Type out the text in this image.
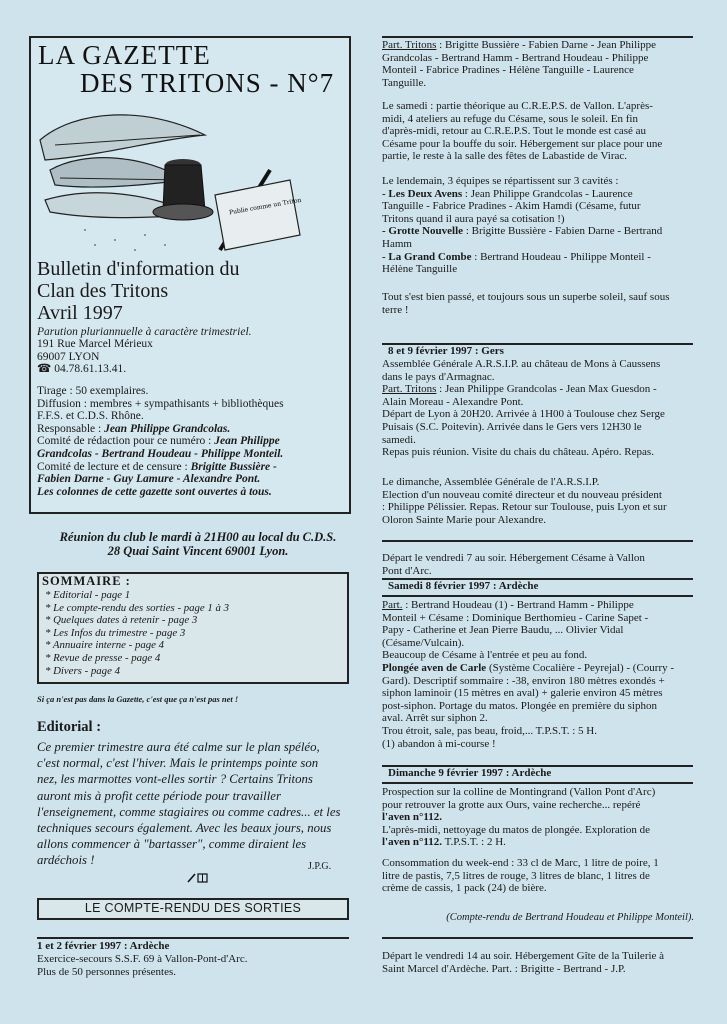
LA GAZETTE
DES TRITONS - N°7
Publie comme un Triton
Bulletin d'information du
Clan des Tritons
Avril 1997
Parution pluriannuelle à caractère trimestriel.
191 Rue Marcel Mérieux
69007 LYON
☎ 04.78.61.13.41.
Tirage : 50 exemplaires.
Diffusion : membres + sympathisants + bibliothèques
F.F.S. et C.D.S. Rhône.
Responsable : Jean Philippe Grandcolas.
Comité de rédaction pour ce numéro : Jean Philippe
Grandcolas - Bertrand Houdeau - Philippe Monteil.
Comité de lecture et de censure : Brigitte Bussière -
Fabien Darne - Guy Lamure - Alexandre Pont.
Les colonnes de cette gazette sont ouvertes à tous.
Réunion du club le mardi à 21H00 au local du C.D.S.
28 Quai Saint Vincent 69001 Lyon.
SOMMAIRE :
* Editorial - page 1
* Le compte-rendu des sorties - page 1 à 3
* Quelques dates à retenir - page 3
* Les Infos du trimestre - page 3
* Annuaire interne - page 4
* Revue de presse - page 4
* Divers - page 4
Si ça n'est pas dans la Gazette, c'est que ça n'est pas net !
Editorial :
Ce premier trimestre aura été calme sur le plan spéléo,
c'est normal, c'est l'hiver. Mais le printemps pointe son
nez, les marmottes vont-elles sortir ? Certains Tritons
auront mis à profit cette période pour travailler
l'enseignement, comme stagiaires ou comme cadres... et les
techniques secours également. Avec les beaux jours, nous
allons commencer à "bartasser", comme diraient les
ardéchois !	J.P.G.
LE COMPTE-RENDU DES SORTIES
1 et 2 février 1997 : Ardèche
Exercice-secours S.S.F. 69 à Vallon-Pont-d'Arc.
Plus de 50 personnes présentes.
Part. Tritons : Brigitte Bussière - Fabien Darne - Jean Philippe
Grandcolas - Bertrand Hamm - Bertrand Houdeau - Philippe
Monteil - Fabrice Pradines - Hélène Tanguille - Laurence
Tanguille.
Le samedi : partie théorique au C.R.E.P.S. de Vallon. L'après-
midi, 4 ateliers au refuge du Césame, sous le soleil. En fin
d'après-midi, retour au C.R.E.P.S. Tout le monde est casé au
Césame pour la bouffe du soir. Hébergement sur place pour une
partie, le reste à la salle des fêtes de Labastide de Virac.
Le lendemain, 3 équipes se répartissent sur 3 cavités :
- Les Deux Avens : Jean Philippe Grandcolas - Laurence
Tanguille - Fabrice Pradines - Akim Hamdi (Césame, futur
Tritons quand il aura payé sa cotisation !)
- Grotte Nouvelle : Brigitte Bussière - Fabien Darne - Bertrand
Hamm
- La Grand Combe : Bertrand Houdeau - Philippe Monteil -
Hélène Tanguille
Tout s'est bien passé, et toujours sous un superbe soleil, sauf sous
terre !
8 et 9 février 1997 : Gers
Assemblée Générale A.R.S.I.P. au château de Mons à Caussens
dans le pays d'Armagnac.
Part. Tritons : Jean Philippe Grandcolas - Jean Max Guesdon -
Alain Moreau - Alexandre Pont.
Départ de Lyon à 20H20. Arrivée à 1H00 à Toulouse chez Serge
Puisais (S.C. Poitevin). Arrivée dans le Gers vers 12H30 le
samedi.
Repas puis réunion. Visite du chais du château. Apéro. Repas.
Le dimanche, Assemblée Générale de l'A.R.S.I.P.
Election d'un nouveau comité directeur et du nouveau président
: Philippe Pélissier. Repas. Retour sur Toulouse, puis Lyon et sur
Oloron Sainte Marie pour Alexandre.
Départ le vendredi 7 au soir. Hébergement Césame à Vallon
Pont d'Arc.
Samedi 8 février 1997 : Ardèche
Part. : Bertrand Houdeau (1) - Bertrand Hamm - Philippe
Monteil + Césame : Dominique Berthomieu - Carine Sapet -
Papy - Catherine et Jean Pierre Baudu, ... Olivier Vidal
(Césame/Vulcain).
Beaucoup de Césame à l'entrée et peu au fond.
Plongée aven de Carle (Système Cocalière - Peyrejal) - (Courry -
Gard). Descriptif sommaire : -38, environ 180 mètres exondés +
siphon laminoir (15 mètres en aval) + galerie environ 45 mètres
post-siphon. Portage du matos. Plongée en première du siphon
aval. Arrêt sur siphon 2.
Trou étroit, sale, pas beau, froid,... T.P.S.T. : 5 H.
(1) abandon à mi-course !
Dimanche 9 février 1997 : Ardèche
Prospection sur la colline de Montingrand (Vallon Pont d'Arc)
pour retrouver la grotte aux Ours, vaine recherche... repéré
l'aven n°112.
L'après-midi, nettoyage du matos de plongée. Exploration de
l'aven n°112. T.P.S.T. : 2 H.
Consommation du week-end : 33 cl de Marc, 1 litre de poire, 1
litre de pastis, 7,5 litres de rouge, 3 litres de blanc, 1 litres de
crème de cassis, 1 pack (24) de bière.
(Compte-rendu de Bertrand Houdeau et Philippe Monteil).
Départ le vendredi 14 au soir. Hébergement Gîte de la Tuilerie à
Saint Marcel d'Ardèche. Part. : Brigitte - Bertrand - J.P.
